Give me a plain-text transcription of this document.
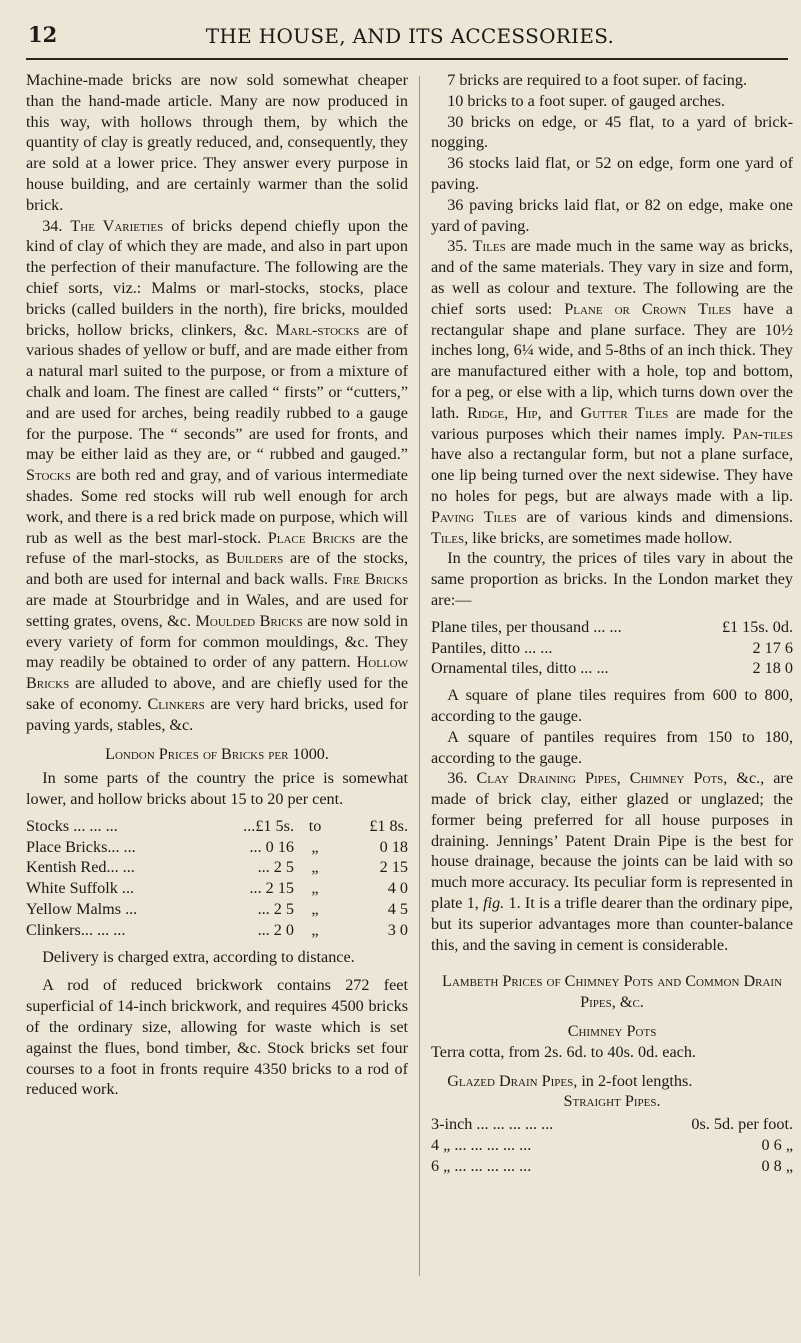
12	THE HOUSE, AND ITS ACCESSORIES.

Machine-made bricks are now sold somewhat cheaper than the hand-made article. Many are now produced in this way, with hollows through them, by which the quantity of clay is greatly reduced, and, consequently, they are sold at a lower price. They answer every purpose in house building, and are certainly warmer than the solid brick.

34. The Varieties of bricks depend chiefly upon the kind of clay of which they are made, and also in part upon the perfection of their manufacture. The following are the chief sorts, viz.: Malms or marl-stocks, stocks, place bricks (called builders in the north), fire bricks, moulded bricks, hollow bricks, clinkers, &c. Marl-stocks are of various shades of yellow or buff, and are made either from a natural marl suited to the purpose, or from a mixture of chalk and loam. The finest are called “ firsts” or “cutters,” and are used for arches, being readily rubbed to a gauge for the purpose. The “ seconds” are used for fronts, and may be either laid as they are, or “ rubbed and gauged.” Stocks are both red and gray, and of various intermediate shades. Some red stocks will rub well enough for arch work, and there is a red brick made on purpose, which will rub as well as the best marl-stock. Place Bricks are the refuse of the marl-stocks, as Builders are of the stocks, and both are used for internal and back walls. Fire Bricks are made at Stourbridge and in Wales, and are used for setting grates, ovens, &c. Moulded Bricks are now sold in every variety of form for common mouldings, &c. They may readily be obtained to order of any pattern. Hollow Bricks are alluded to above, and are chiefly used for the sake of economy. Clinkers are very hard bricks, used for paving yards, stables, &c.

London Prices of Bricks per 1000.

In some parts of the country the price is somewhat lower, and hollow bricks about 15 to 20 per cent.

Stocks ... ... ...	...£1 5s.	to	£1 8s.
Place Bricks... ...	... 0 16	„	0 18
Kentish Red... ...	... 2 5	„	2 15
White Suffolk ...	... 2 15	„	4 0
Yellow Malms ...	... 2 5	„	4 5
Clinkers... ... ...	... 2 0	„	3 0

Delivery is charged extra, according to distance.

A rod of reduced brickwork contains 272 feet superficial of 14-inch brickwork, and requires 4500 bricks of the ordinary size, allowing for waste which is set against the flues, bond timber, &c. Stock bricks set four courses to a foot in fronts require 4350 bricks to a rod of reduced work.

7 bricks are required to a foot super. of facing.

10 bricks to a foot super. of gauged arches.

30 bricks on edge, or 45 flat, to a yard of brick-nogging.

36 stocks laid flat, or 52 on edge, form one yard of paving.

36 paving bricks laid flat, or 82 on edge, make one yard of paving.

35. Tiles are made much in the same way as bricks, and of the same materials. They vary in size and form, as well as colour and texture. The following are the chief sorts used: Plane or Crown Tiles have a rectangular shape and plane surface. They are 10½ inches long, 6¼ wide, and 5-8ths of an inch thick. They are manufactured either with a hole, top and bottom, for a peg, or else with a lip, which turns down over the lath. Ridge, Hip, and Gutter Tiles are made for the various purposes which their names imply. Pan-tiles have also a rectangular form, but not a plane surface, one lip being turned over the next sidewise. They have no holes for pegs, but are always made with a lip. Paving Tiles are of various kinds and dimensions. Tiles, like bricks, are sometimes made hollow.

In the country, the prices of tiles vary in about the same proportion as bricks. In the London market they are:—

Plane tiles, per thousand ... ...	£1 15s. 0d.
Pantiles, ditto ... ...	2 17 6
Ornamental tiles, ditto ... ...	2 18 0

A square of plane tiles requires from 600 to 800, according to the gauge.

A square of pantiles requires from 150 to 180, according to the gauge.

36. Clay Draining Pipes, Chimney Pots, &c., are made of brick clay, either glazed or unglazed; the former being preferred for all house purposes in draining. Jennings’ Patent Drain Pipe is the best for house drainage, because the joints can be laid with so much more accuracy. Its peculiar form is represented in plate 1, fig. 1. It is a trifle dearer than the ordinary pipe, but its superior advantages more than counter-balance this, and the saving in cement is considerable.

Lambeth Prices of Chimney Pots and Common Drain Pipes, &c.
Chimney Pots

Terra cotta, from 2s. 6d. to 40s. 0d. each.

Glazed Drain Pipes, in 2-foot lengths.

Straight Pipes.
3-inch ... ... ... ... ...	0s. 5d. per foot.
4 „ ... ... ... ... ...	0 6 „
6 „ ... ... ... ... ...	0 8 „
